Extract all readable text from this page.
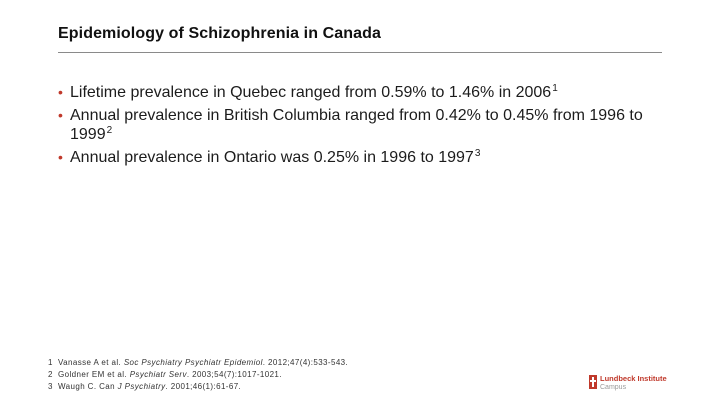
Epidemiology of Schizophrenia in Canada
• Lifetime prevalence in Quebec ranged from 0.59% to 1.46% in 2006$^1$
• Annual prevalence in British Columbia ranged from 0.42% to 0.45% from 1996 to 1999$^2$
• Annual prevalence in Ontario was 0.25% in 1996 to 1997$^3$
1 Vanasse A et al. Soc Psychiatry Psychiatr Epidemiol. 2012;47(4):533-543.
2 Goldner EM et al. Psychiatr Serv. 2003;54(7):1017-1021.
3 Waugh C. Can J Psychiatry. 2001;46(1):61-67.
Lundbeck Institute
Campus
